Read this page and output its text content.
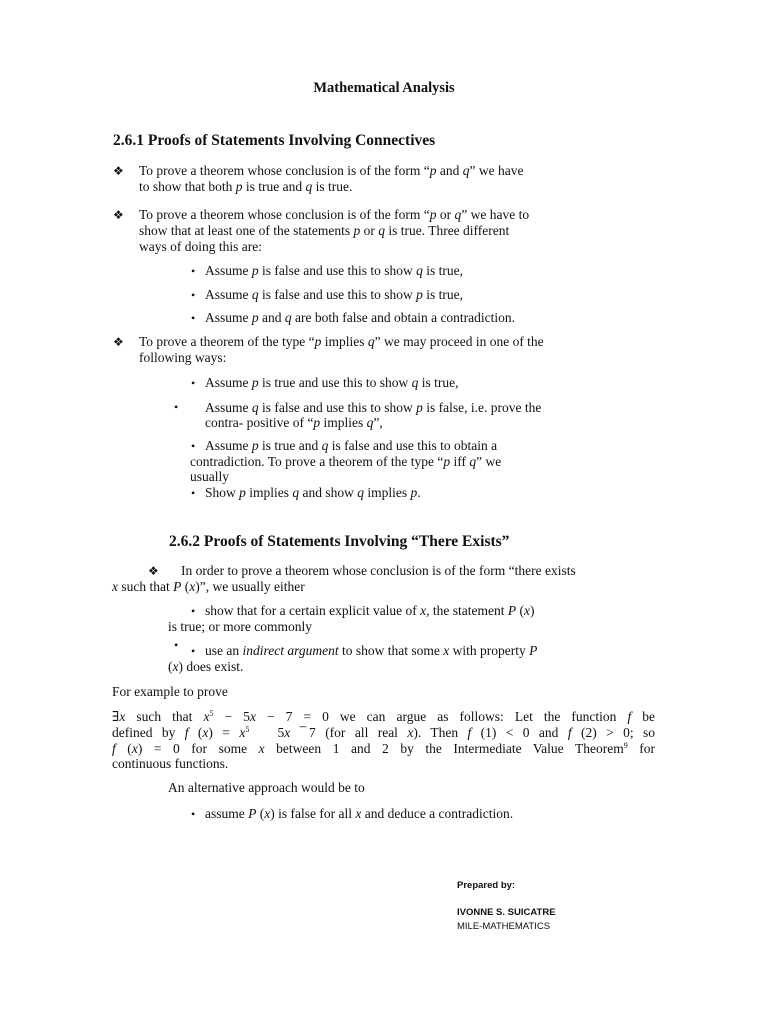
Mathematical Analysis
2.6.1 Proofs of Statements Involving Connectives
❖ To prove a theorem whose conclusion is of the form “p and q” we have
to show that both p is true and q is true.
❖ To prove a theorem whose conclusion is of the form “p or q” we have to
show that at least one of the statements p or q is true. Three different
ways of doing this are:
• Assume p is false and use this to show q is true,
• Assume q is false and use this to show p is true,
• Assume p and q are both false and obtain a contradiction.
❖ To prove a theorem of the type “p implies q” we may proceed in one of the
following ways:
• Assume p is true and use this to show q is true,
• Assume q is false and use this to show p is false, i.e. prove the
contra- positive of “p implies q”,
• Assume p is true and q is false and use this to obtain a
contradiction. To prove a theorem of the type “p iff q” we
usually
• Show p implies q and show q implies p.
2.6.2 Proofs of Statements Involving “There Exists”
❖ In order to prove a theorem whose conclusion is of the form “there exists
x such that P (x)”, we usually either
• show that for a certain explicit value of x, the statement P (x)
is true; or more commonly
• • use an indirect argument to show that some x with property P
(x) does exist.
For example to prove
∃x such that $x^5 - 5x - 7 = 0$ we can argue as follows: Let the function f be
defined by f $(x) = x^5$   5x  ̅7 (for all real x). Then f (1) < 0 and f (2) > 0; so
f (x) = 0 for some x between 1 and 2 by the Intermediate Value Theorem$^9$ for
continuous functions.
An alternative approach would be to
• assume P (x) is false for all x and deduce a contradiction.
Prepared by:
IVONNE S. SUICATRE
MILE-MATHEMATICS
